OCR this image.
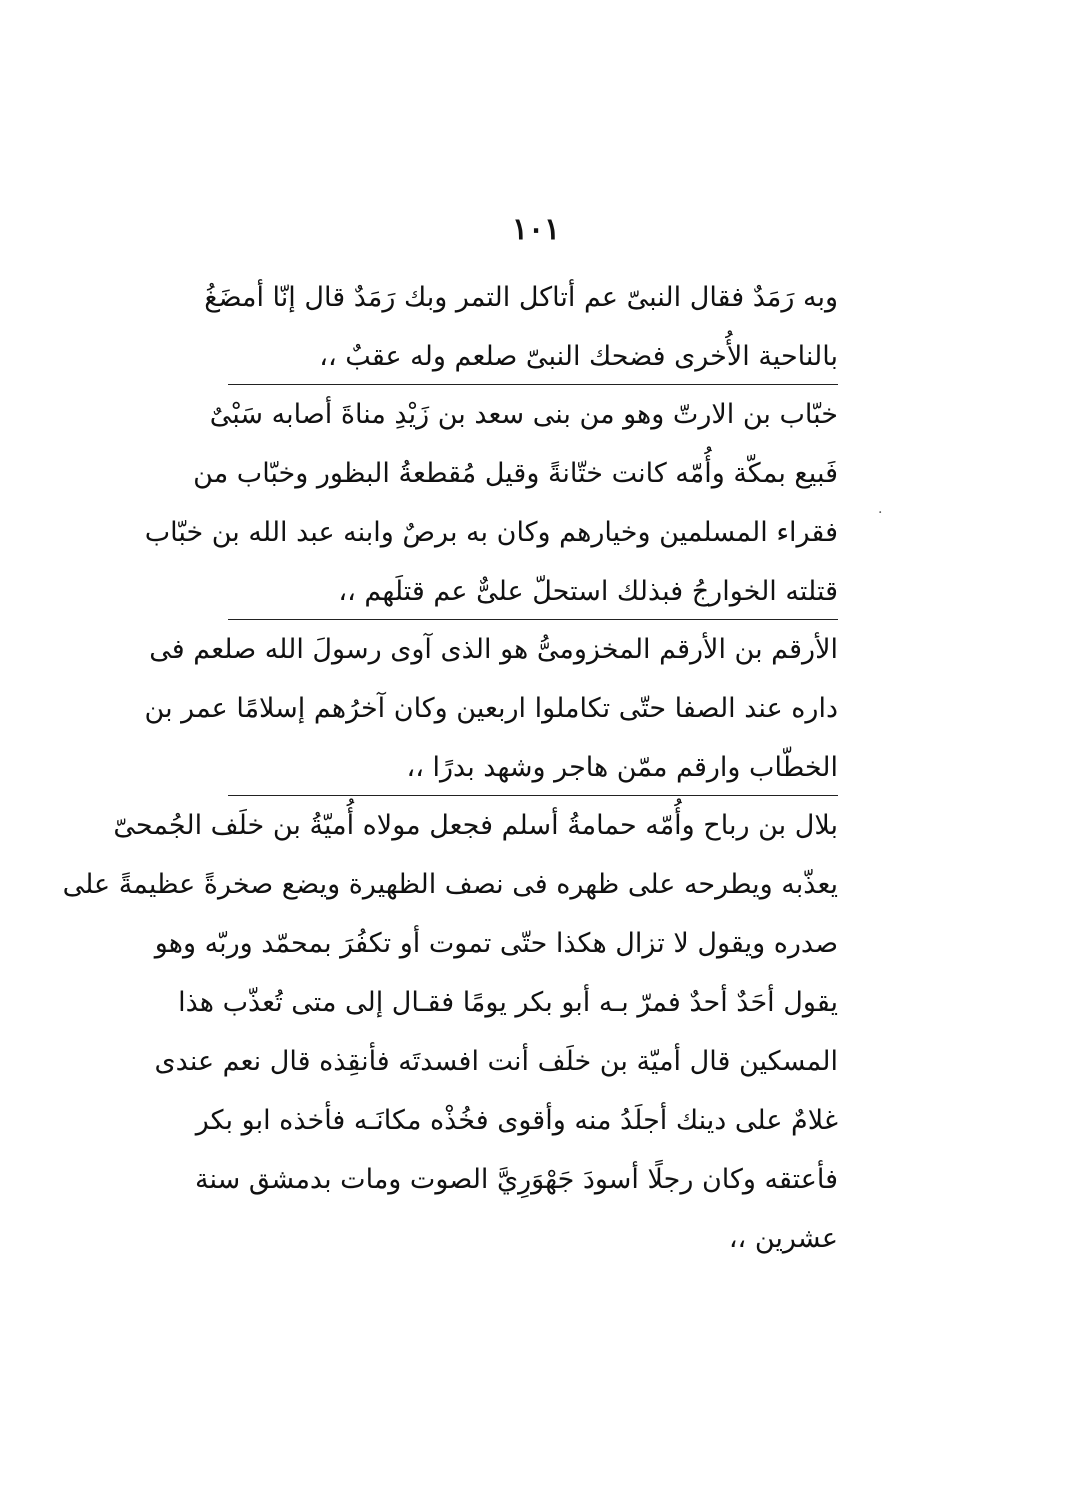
١٠١
وبه رَمَدٌ فقال النبىّ عم أتاكل التمر وبك رَمَدٌ قال إنّا أمضَغُ
بالناحية الأُخرى فضحك النبىّ صلعم وله عقبٌ ،،
خبّاب بن الارتّ وهو من بنى سعد بن زَيْدِ مناةَ أصابه سَبْىٌ
فَبيع بمكّة وأُمّه كانت ختّانةً وقيل مُقطعةُ البظور وخبّاب من
فقراء المسلمين وخيارهم وكان به برصٌ وابنه عبد الله بن خبّاب
قتلته الخوارجُ فبذلك استحلّ علىٌّ عم قتلَهم ،،
الأرقم بن الأرقم المخزومىُّ هو الذى آوى رسولَ الله صلعم فى
داره عند الصفا حتّى تكاملوا اربعين وكان آخرُهم إسلامًا عمر بن
الخطّاب وارقم ممّن هاجر وشهد بدرًا ،،
بلال بن رباح وأُمّه حمامةُ أسلم فجعل مولاه أُميّةُ بن خلَف الجُمحىّ
يعذّبه ويطرحه على ظهره فى نصف الظهيرة ويضع صخرةً عظيمةً على
صدره ويقول لا تزال هكذا حتّى تموت أو تكفُرَ بمحمّد وربّه وهو
يقول أحَدٌ أحدٌ فمرّ بـه أبو بكر يومًا فقـال إلى متى تُعذّب هذا
المسكين قال أميّة بن خلَف أنت افسدتَه فأنقِذه قال نعم عندى
غلامٌ على دينك أجلَدُ منه وأقوى فخُذْه مكانَـه فأخذه ابو بكر
فأعتقه وكان رجلًا أسودَ جَهْوَرِيَّ الصوت ومات بدمشق سنة
عشرين ،،
·
